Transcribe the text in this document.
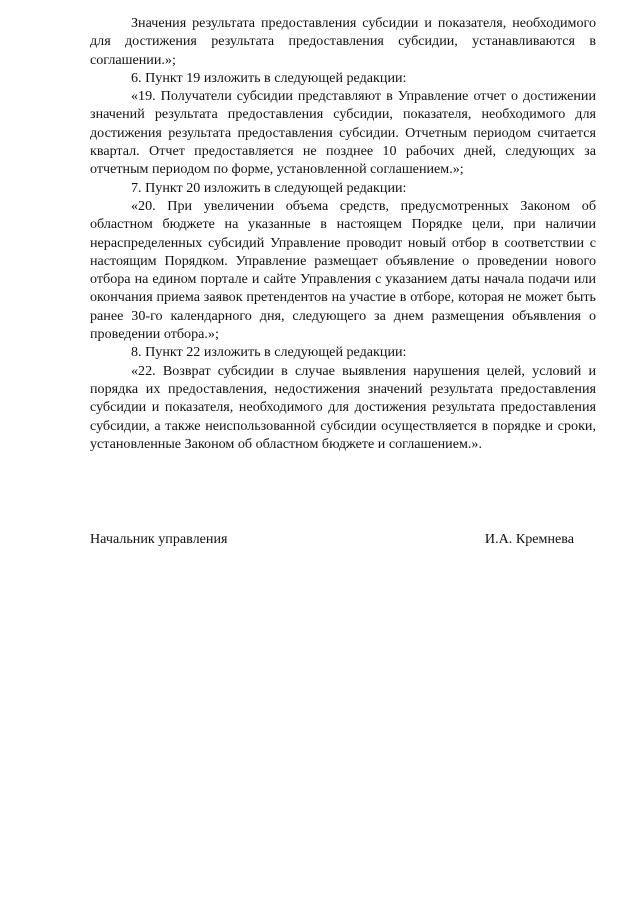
Значения результата предоставления субсидии и показателя, необходимого для достижения результата предоставления субсидии, устанавливаются в соглашении.»;

6. Пункт 19 изложить в следующей редакции:

«19. Получатели субсидии представляют в Управление отчет о достижении значений результата предоставления субсидии, показателя, необходимого для достижения результата предоставления субсидии. Отчетным периодом считается квартал. Отчет предоставляется не позднее 10 рабочих дней, следующих за отчетным периодом по форме, установленной соглашением.»;

7. Пункт 20 изложить в следующей редакции:

«20. При увеличении объема средств, предусмотренных Законом об областном бюджете на указанные в настоящем Порядке цели, при наличии нераспределенных субсидий Управление проводит новый отбор в соответствии с настоящим Порядком. Управление размещает объявление о проведении нового отбора на едином портале и сайте Управления с указанием даты начала подачи или окончания приема заявок претендентов на участие в отборе, которая не может быть ранее 30-го календарного дня, следующего за днем размещения объявления о проведении отбора.»;

8. Пункт 22 изложить в следующей редакции:

«22. Возврат субсидии в случае выявления нарушения целей, условий и порядка их предоставления, недостижения значений результата предоставления субсидии и показателя, необходимого для достижения результата предоставления субсидии, а также неиспользованной субсидии осуществляется в порядке и сроки, установленные Законом об областном бюджете и соглашением.».

Начальник управления	И.А. Кремнева
